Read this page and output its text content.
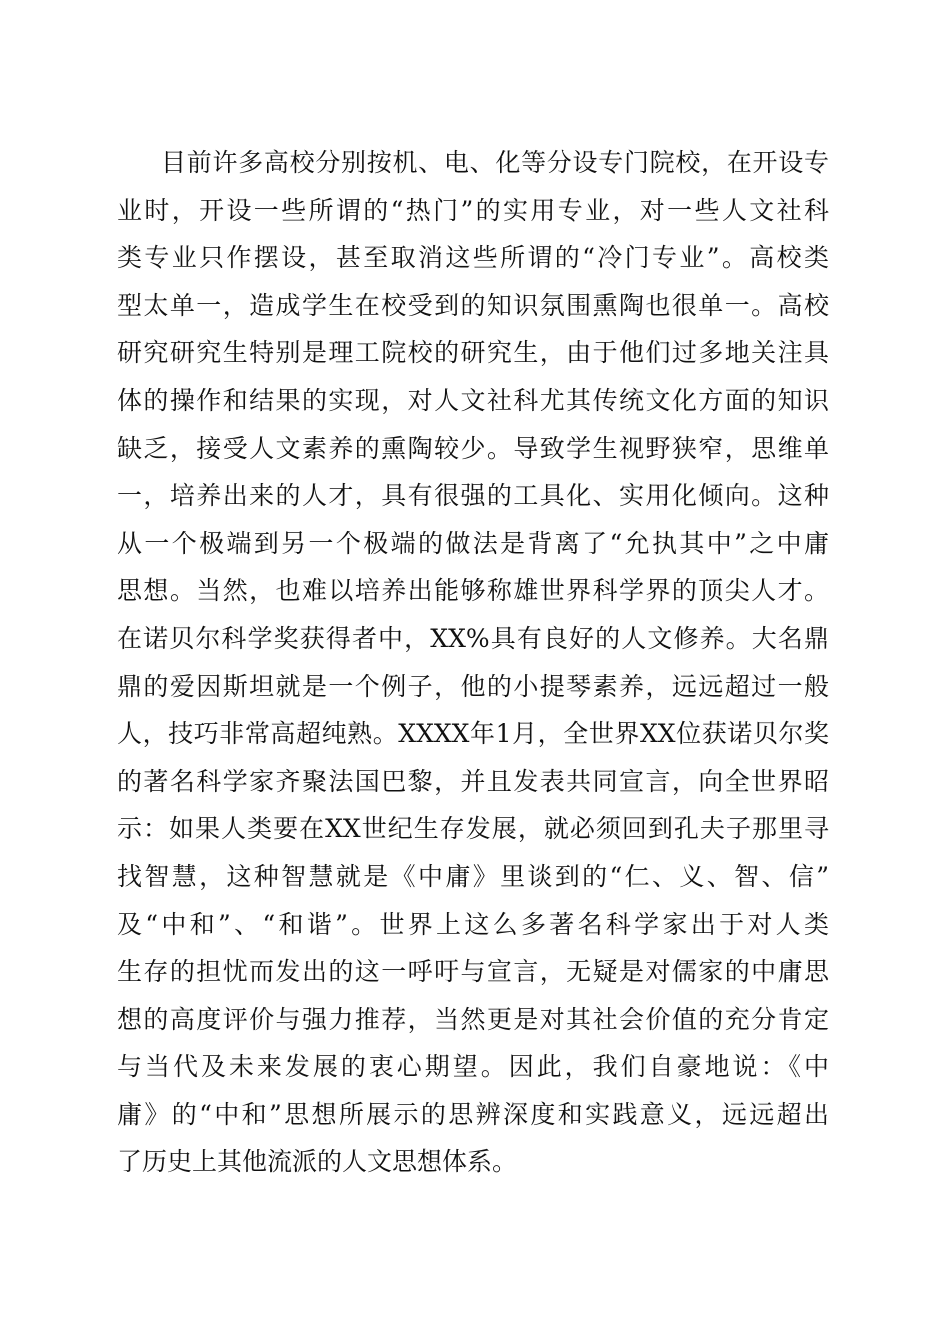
目前许多高校分别按机、电、化等分设专门院校，在开设专
业时，开设一些所谓的“热门”的实用专业，对一些人文社科
类专业只作摆设，甚至取消这些所谓的“冷门专业”。高校类
型太单一，造成学生在校受到的知识氛围熏陶也很单一。高校
研究研究生特别是理工院校的研究生，由于他们过多地关注具
体的操作和结果的实现，对人文社科尤其传统文化方面的知识
缺乏，接受人文素养的熏陶较少。导致学生视野狭窄，思维单
一，培养出来的人才，具有很强的工具化、实用化倾向。这种
从一个极端到另一个极端的做法是背离了“允执其中”之中庸
思想。当然，也难以培养出能够称雄世界科学界的顶尖人才。
在诺贝尔科学奖获得者中，XX%具有良好的人文修养。大名鼎
鼎的爱因斯坦就是一个例子，他的小提琴素养，远远超过一般
人，技巧非常高超纯熟。XXXX年1月，全世界XX位获诺贝尔奖
的著名科学家齐聚法国巴黎，并且发表共同宣言，向全世界昭
示：如果人类要在XX世纪生存发展，就必须回到孔夫子那里寻
找智慧，这种智慧就是《中庸》里谈到的“仁、义、智、信”
及“中和”、“和谐”。世界上这么多著名科学家出于对人类
生存的担忧而发出的这一呼吁与宣言，无疑是对儒家的中庸思
想的高度评价与强力推荐，当然更是对其社会价值的充分肯定
与当代及未来发展的衷心期望。因此，我们自豪地说：《中
庸》的“中和”思想所展示的思辨深度和实践意义，远远超出
了历史上其他流派的人文思想体系。
